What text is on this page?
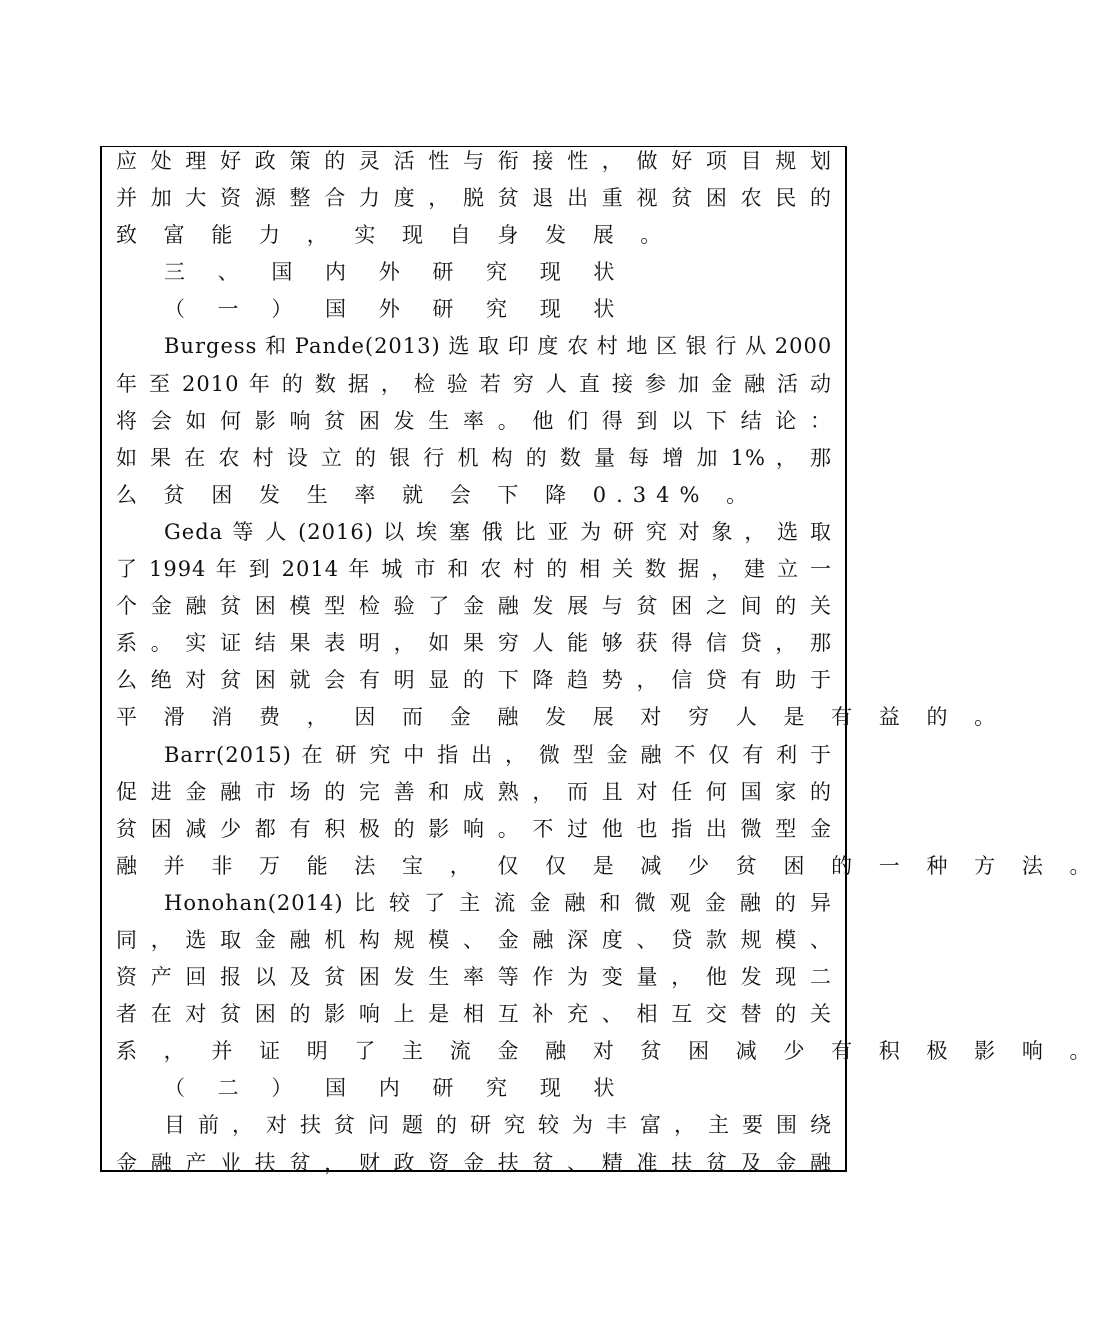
应 处 理 好 政 策 的 灵 活 性 与 衔 接 性 ， 做 好 项 目 规 划
并 加 大 资 源 整 合 力 度 ， 脱 贫 退 出 重 视 贫 困 农 民 的
致 富 能 力 ， 实 现 自 身 发 展 。
三 、 国 内 外 研 究 现 状
（ 一 ） 国 外 研 究 现 状
Burgess 和 Pande(2013) 选 取 印 度 农 村 地 区 银 行 从 2000
年 至 2010 年 的 数 据 ， 检 验 若 穷 人 直 接 参 加 金 融 活 动
将 会 如 何 影 响 贫 困 发 生 率 。 他 们 得 到 以 下 结 论 ：
如 果 在 农 村 设 立 的 银 行 机 构 的 数 量 每 增 加 1% ， 那
么 贫 困 发 生 率 就 会 下 降 0.34% 。
Geda 等 人 (2016) 以 埃 塞 俄 比 亚 为 研 究 对 象 ， 选 取
了 1994 年 到 2014 年 城 市 和 农 村 的 相 关 数 据 ， 建 立 一
个 金 融 贫 困 模 型 检 验 了 金 融 发 展 与 贫 困 之 间 的 关
系 。 实 证 结 果 表 明 ， 如 果 穷 人 能 够 获 得 信 贷 ， 那
么 绝 对 贫 困 就 会 有 明 显 的 下 降 趋 势 ， 信 贷 有 助 于
平 滑 消 费 ， 因 而 金 融 发 展 对 穷 人 是 有 益 的 。
Barr(2015) 在 研 究 中 指 出 ， 微 型 金 融 不 仅 有 利 于
促 进 金 融 市 场 的 完 善 和 成 熟 ， 而 且 对 任 何 国 家 的
贫 困 减 少 都 有 积 极 的 影 响 。 不 过 他 也 指 出 微 型 金
融 并 非 万 能 法 宝 ， 仅 仅 是 减 少 贫 困 的 一 种 方 法 。
Honohan(2014) 比 较 了 主 流 金 融 和 微 观 金 融 的 异
同 ， 选 取 金 融 机 构 规 模 、 金 融 深 度 、 贷 款 规 模 、
资 产 回 报 以 及 贫 困 发 生 率 等 作 为 变 量 ， 他 发 现 二
者 在 对 贫 困 的 影 响 上 是 相 互 补 充 、 相 互 交 替 的 关
系 ， 并 证 明 了 主 流 金 融 对 贫 困 减 少 有 积 极 影 响 。
（ 二 ） 国 内 研 究 现 状
目 前 ， 对 扶 贫 问 题 的 研 究 较 为 丰 富 ， 主 要 围 绕
金 融 产 业 扶 贫 ， 财 政 资 金 扶 贫 、 精 准 扶 贫 及 金 融
